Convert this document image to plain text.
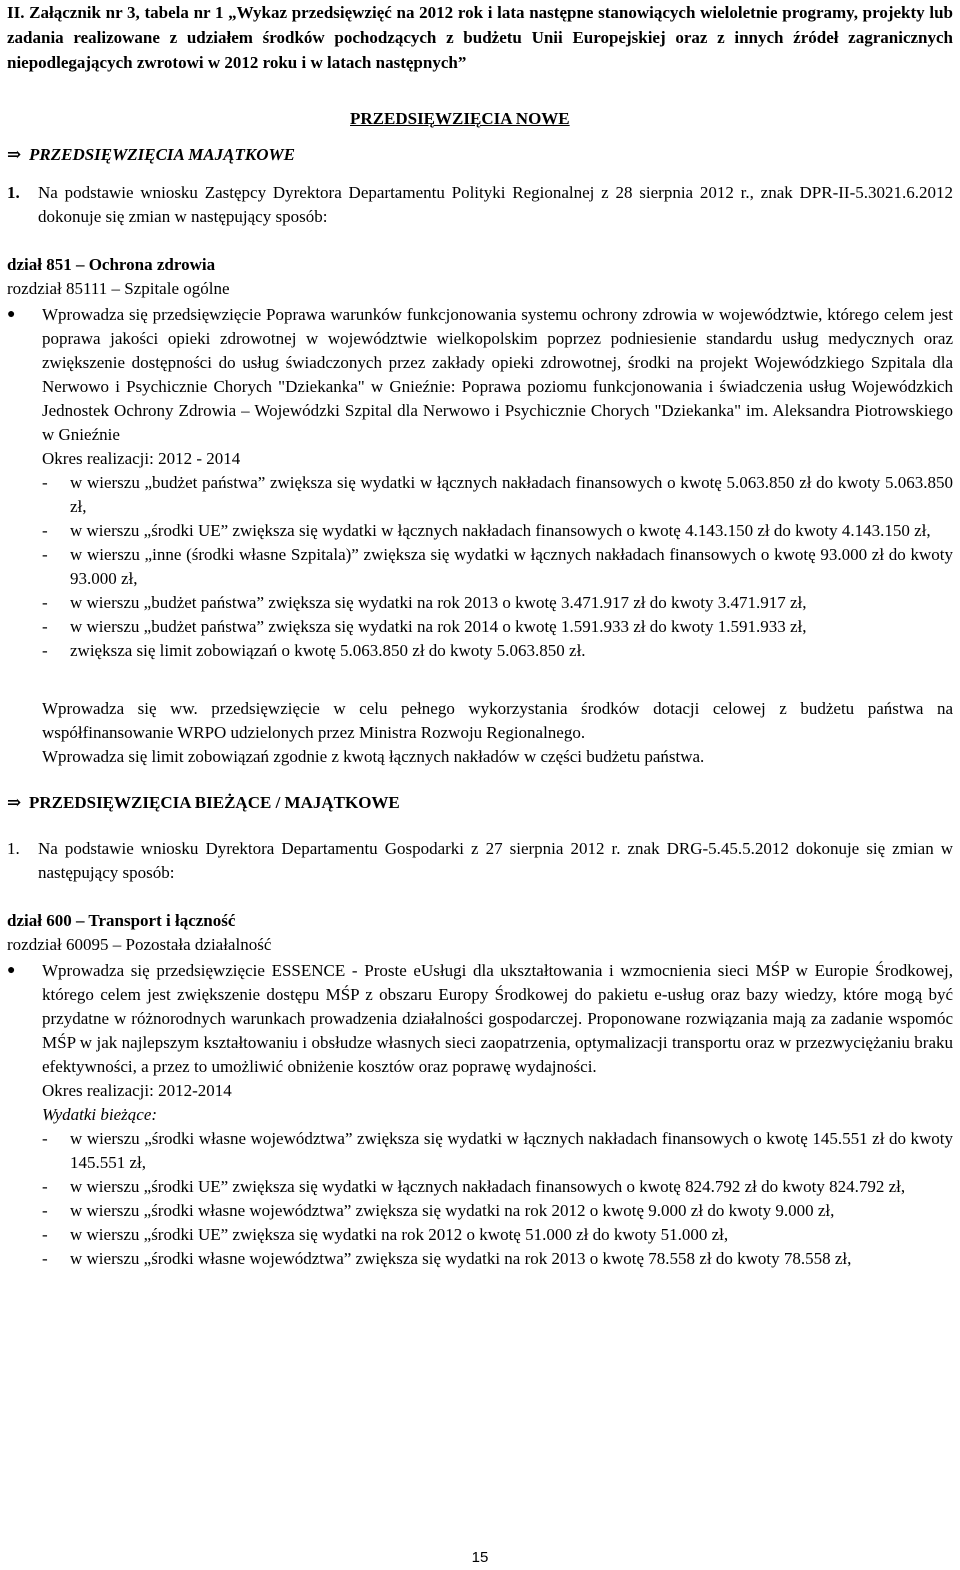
II. Załącznik nr 3, tabela nr 1 „Wykaz przedsięwzięć na 2012 rok i lata następne stanowiących wieloletnie programy, projekty lub zadania realizowane z udziałem środków pochodzących z budżetu Unii Europejskiej oraz z innych źródeł zagranicznych niepodlegających zwrotowi w 2012 roku i w latach następnych”
PRZEDSIĘWZIĘCIA NOWE
⇒ PRZEDSIĘWZIĘCIA MAJĄTKOWE
1.	Na podstawie wniosku Zastępcy Dyrektora Departamentu Polityki Regionalnej z 28 sierpnia 2012 r., znak DPR-II-5.3021.6.2012 dokonuje się zmian w następujący sposób:
dział 851 – Ochrona zdrowia
rozdział 85111 – Szpitale ogólne
●	Wprowadza się przedsięwzięcie Poprawa warunków funkcjonowania systemu ochrony zdrowia w województwie, którego celem jest poprawa jakości opieki zdrowotnej w województwie wielkopolskim poprzez podniesienie standardu usług medycznych oraz zwiększenie dostępności do usług świadczonych przez zakłady opieki zdrowotnej, środki na projekt Wojewódzkiego Szpitala dla Nerwowo i Psychicznie Chorych "Dziekanka" w Gnieźnie: Poprawa poziomu funkcjonowania i świadczenia usług Wojewódzkich Jednostek Ochrony Zdrowia – Wojewódzki Szpital dla Nerwowo i Psychicznie Chorych "Dziekanka" im. Aleksandra Piotrowskiego w Gnieźnie
Okres realizacji: 2012 - 2014
-	w wierszu „budżet państwa” zwiększa się wydatki w łącznych nakładach finansowych o kwotę 5.063.850 zł do kwoty 5.063.850 zł,
-	w wierszu „środki UE” zwiększa się wydatki w łącznych nakładach finansowych o kwotę 4.143.150 zł do kwoty 4.143.150 zł,
-	w wierszu „inne (środki własne Szpitala)” zwiększa się wydatki w łącznych nakładach finansowych o kwotę 93.000 zł do kwoty 93.000 zł,
-	w wierszu „budżet państwa” zwiększa się wydatki na rok 2013 o kwotę 3.471.917 zł do kwoty 3.471.917 zł,
-	w wierszu „budżet państwa” zwiększa się wydatki na rok 2014 o kwotę 1.591.933 zł do kwoty 1.591.933 zł,
-	zwiększa się limit zobowiązań o kwotę 5.063.850 zł do kwoty 5.063.850 zł.
Wprowadza się ww. przedsięwzięcie w celu pełnego wykorzystania środków dotacji celowej z budżetu państwa na współfinansowanie WRPO udzielonych przez Ministra Rozwoju Regionalnego.
Wprowadza się limit zobowiązań zgodnie z kwotą łącznych nakładów w części budżetu państwa.
⇒ PRZEDSIĘWZIĘCIA BIEŻĄCE / MAJĄTKOWE
1.	Na podstawie wniosku Dyrektora Departamentu Gospodarki z 27 sierpnia 2012 r. znak DRG-5.45.5.2012 dokonuje się zmian w następujący sposób:
dział 600 – Transport i łączność
rozdział 60095 – Pozostała działalność
●	Wprowadza się przedsięwzięcie ESSENCE - Proste eUsługi dla ukształtowania i wzmocnienia sieci MŚP w Europie Środkowej, którego celem jest zwiększenie dostępu MŚP z obszaru Europy Środkowej do pakietu e-usług oraz bazy wiedzy, które mogą być przydatne w różnorodnych warunkach prowadzenia działalności gospodarczej. Proponowane rozwiązania mają za zadanie wspomóc MŚP w jak najlepszym kształtowaniu i obsłudze własnych sieci zaopatrzenia, optymalizacji transportu oraz w przezwyciężaniu braku efektywności, a przez to umożliwić obniżenie kosztów oraz poprawę wydajności.
Okres realizacji: 2012-2014
Wydatki bieżące:
-	w wierszu „środki własne województwa” zwiększa się wydatki w łącznych nakładach finansowych o kwotę 145.551 zł do kwoty 145.551 zł,
-	w wierszu „środki UE” zwiększa się wydatki w łącznych nakładach finansowych o kwotę 824.792 zł do kwoty 824.792 zł,
-	w wierszu „środki własne województwa” zwiększa się wydatki na rok 2012 o kwotę 9.000 zł do kwoty 9.000 zł,
-	w wierszu „środki UE” zwiększa się wydatki na rok 2012 o kwotę 51.000 zł do kwoty 51.000 zł,
-	w wierszu „środki własne województwa” zwiększa się wydatki na rok 2013 o kwotę 78.558 zł do kwoty 78.558 zł,
15
